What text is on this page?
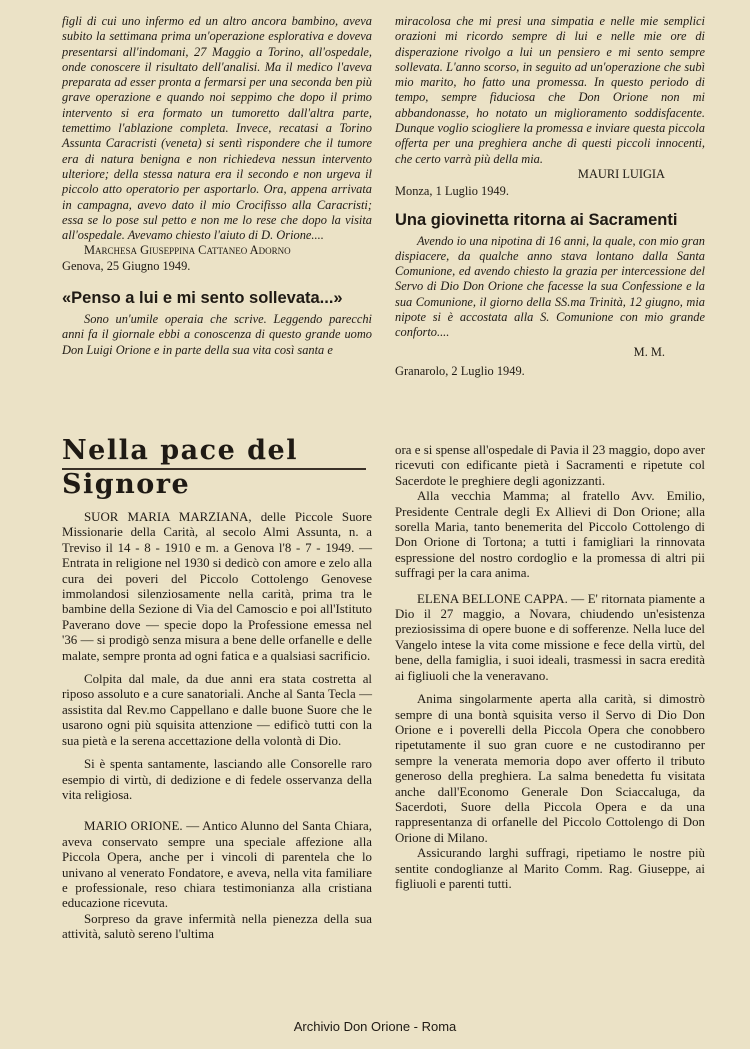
figli di cui uno infermo ed un altro ancora bambino, aveva subito la settimana prima un'operazione esplorativa e doveva presentarsi all'indomani, 27 Maggio a Torino, all'ospedale, onde conoscere il risultato dell'analisi. Ma il medico l'aveva preparata ad esser pronta a fermarsi per una seconda ben più grave operazione e quando noi seppimo che dopo il primo intervento si era formato un tumoretto dall'altra parte, temettimo l'ablazione completa. Invece, recatasi a Torino Assunta Caracristi (veneta) si sentì rispondere che il tumore era di natura benigna e non richiedeva nessun intervento ulteriore; della stessa natura era il secondo e non urgeva il piccolo atto operatorio per asportarlo. Ora, appena arrivata in campagna, avevo dato il mio Crocifisso alla Caracristi; essa se lo pose sul petto e non me lo rese che dopo la visita all'ospedale. Avevamo chiesto l'aiuto di D. Orione....

Marchesa Giuseppina Cattaneo Adorno

Genova, 25 Giugno 1949.

«Penso a lui e mi sento sollevata...»

Sono un'umile operaia che scrive. Leggendo parecchi anni fa il giornale ebbi a conoscenza di questo grande uomo Don Luigi Orione e in parte della sua vita così santa e

miracolosa che mi presi una simpatia e nelle mie semplici orazioni mi ricordo sempre di lui e nelle mie ore di disperazione rivolgo a lui un pensiero e mi sento sempre sollevata. L'anno scorso, in seguito ad un'operazione che subì mio marito, ho fatto una promessa. In questo periodo di tempo, sempre fiduciosa che Don Orione non mi abbandonasse, ho notato un miglioramento soddisfacente. Dunque voglio sciogliere la promessa e inviare questa piccola offerta per una preghiera anche di questi piccoli innocenti, che certo varrà più della mia.

MAURI LUIGIA

Monza, 1 Luglio 1949.

Una giovinetta ritorna ai Sacramenti

Avendo io una nipotina di 16 anni, la quale, con mio gran dispiacere, da qualche anno stava lontano dalla Santa Comunione, ed avendo chiesto la grazia per intercessione del Servo di Dio Don Orione che facesse la sua Confessione e la sua Comunione, il giorno della SS.ma Trinità, 12 giugno, mia nipote si è accostata alla S. Comunione con mio grande conforto....

M. M.

Granarolo, 2 Luglio 1949.

Nella pace del Signore

SUOR MARIA MARZIANA, delle Piccole Suore Missionarie della Carità, al secolo Almi Assunta, n. a Treviso il 14 - 8 - 1910 e m. a Genova l'8 - 7 - 1949. — Entrata in religione nel 1930 si dedicò con amore e zelo alla cura dei poveri del Piccolo Cottolengo Genovese immolandosi silenziosamente nella carità, prima tra le bambine della Sezione di Via del Camoscio e poi all'Istituto Paverano dove — specie dopo la Professione emessa nel '36 — si prodigò senza misura a bene delle orfanelle e delle malate, sempre pronta ad ogni fatica e a qualsiasi sacrificio.

Colpita dal male, da due anni era stata costretta al riposo assoluto e a cure sanatoriali. Anche al Santa Tecla — assistita dal Rev.mo Cappellano e dalle buone Suore che le usarono ogni più squisita attenzione — edificò tutti con la sua pietà e la serena accettazione della volontà di Dio.

Si è spenta santamente, lasciando alle Consorelle raro esempio di virtù, di dedizione e di fedele osservanza della vita religiosa.

MARIO ORIONE. — Antico Alunno del Santa Chiara, aveva conservato sempre una speciale affezione alla Piccola Opera, anche per i vincoli di parentela che lo univano al venerato Fondatore, e aveva, nella vita familiare e professionale, reso chiara testimonianza alla cristiana educazione ricevuta.

Sorpreso da grave infermità nella pienezza della sua attività, salutò sereno l'ultima

ora e si spense all'ospedale di Pavia il 23 maggio, dopo aver ricevuti con edificante pietà i Sacramenti e ripetute col Sacerdote le preghiere degli agonizzanti.

Alla vecchia Mamma; al fratello Avv. Emilio, Presidente Centrale degli Ex Allievi di Don Orione; alla sorella Maria, tanto benemerita del Piccolo Cottolengo di Don Orione di Tortona; a tutti i famigliari la rinnovata espressione del nostro cordoglio e la promessa di altri pii suffragi per la cara anima.

ELENA BELLONE CAPPA. — E' ritornata piamente a Dio il 27 maggio, a Novara, chiudendo un'esistenza preziosissima di opere buone e di sofferenze. Nella luce del Vangelo intese la vita come missione e fece della virtù, del bene, della famiglia, i suoi ideali, trasmessi in sacra eredità ai figliuoli che la veneravano.

Anima singolarmente aperta alla carità, si dimostrò sempre di una bontà squisita verso il Servo di Dio Don Orione e i poverelli della Piccola Opera che conobbero ripetutamente il suo gran cuore e ne custodiranno per sempre la venerata memoria dopo aver offerto il tributo generoso della preghiera. La salma benedetta fu visitata anche dall'Economo Generale Don Sciaccaluga, da Sacerdoti, Suore della Piccola Opera e da una rappresentanza di orfanelle del Piccolo Cottolengo di Don Orione di Milano.

Assicurando larghi suffragi, ripetiamo le nostre più sentite condoglianze al Marito Comm. Rag. Giuseppe, ai figliuoli e parenti tutti.

Archivio Don Orione - Roma
